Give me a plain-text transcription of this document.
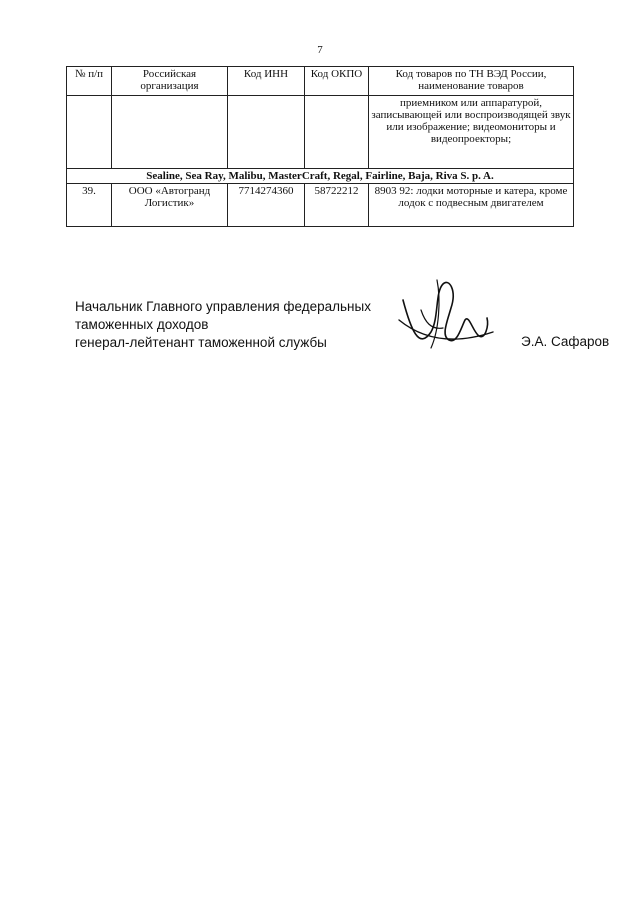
7
№ п/п	Российская организация	Код ИНН	Код ОКПО	Код товаров по ТН ВЭД России, наименование товаров
				приемником или аппаратурой, записывающей или воспроизводящей звук или изображение; видеомониторы и видеопроекторы;
Sealine, Sea Ray, Malibu, MasterCraft, Regal, Fairline, Baja, Riva S. p. A.				
39.	ООО «Автогранд Логистик»	7714274360	58722212	8903 92: лодки моторные и катера, кроме лодок с подвесным двигателем
Начальник Главного управления федеральных
таможенных доходов
генерал-лейтенант таможенной службы	Э.А. Сафаров
